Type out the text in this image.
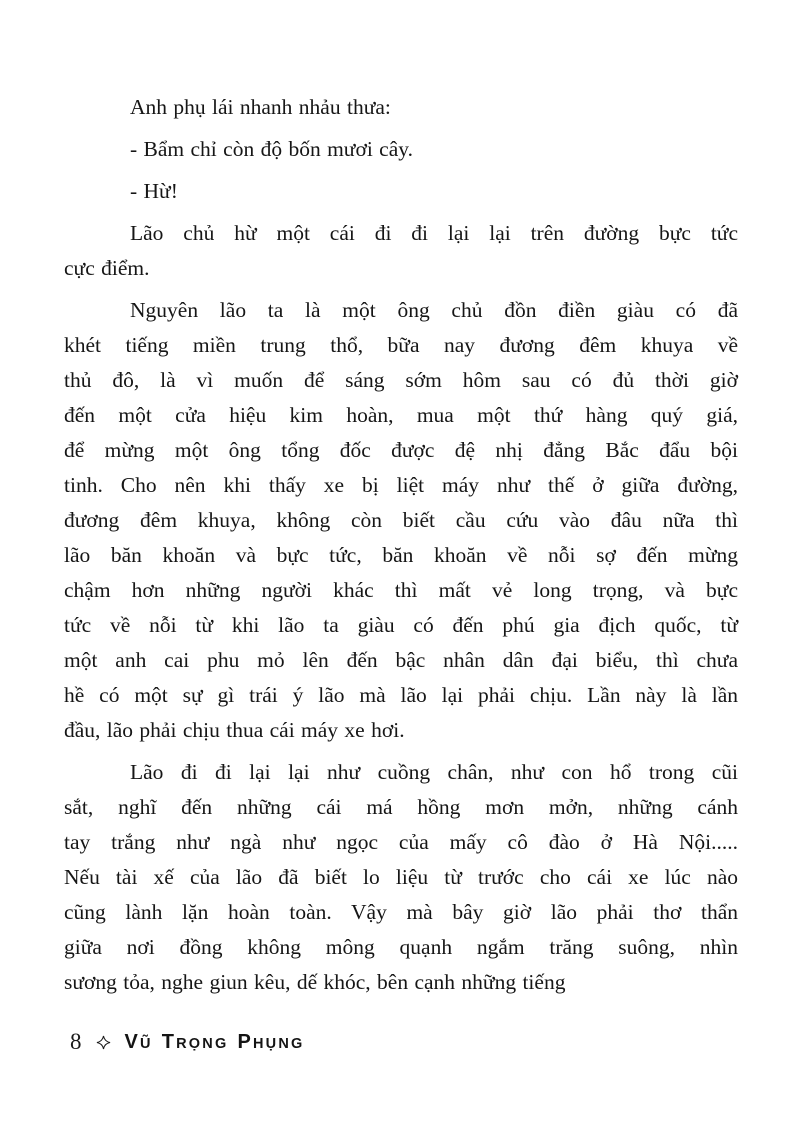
Anh phụ lái nhanh nhảu thưa:
- Bẩm chỉ còn độ bốn mươi cây.
- Hừ!
Lão chủ hừ một cái đi đi lại lại trên đường bực tức
cực điểm.
Nguyên lão ta là một ông chủ đồn điền giàu có đã
khét tiếng miền trung thổ, bữa nay đương đêm khuya về
thủ đô, là vì muốn để sáng sớm hôm sau có đủ thời giờ
đến một cửa hiệu kim hoàn, mua một thứ hàng quý giá,
để mừng một ông tổng đốc được đệ nhị đẳng Bắc đẩu bội
tinh. Cho nên khi thấy xe bị liệt máy như thế ở giữa đường,
đương đêm khuya, không còn biết cầu cứu vào đâu nữa thì
lão băn khoăn và bực tức, băn khoăn về nỗi sợ đến mừng
chậm hơn những người khác thì mất vẻ long trọng, và bực
tức về nỗi từ khi lão ta giàu có đến phú gia địch quốc, từ
một anh cai phu mỏ lên đến bậc nhân dân đại biểu, thì chưa
hề có một sự gì trái ý lão mà lão lại phải chịu. Lần này là lần
đầu, lão phải chịu thua cái máy xe hơi.
Lão đi đi lại lại như cuồng chân, như con hổ trong cũi
sắt, nghĩ đến những cái má hồng mơn mởn, những cánh
tay trắng như ngà như ngọc của mấy cô đào ở Hà Nội.....
Nếu tài xế của lão đã biết lo liệu từ trước cho cái xe lúc nào
cũng lành lặn hoàn toàn. Vậy mà bây giờ lão phải thơ thẩn
giữa nơi đồng không mông quạnh ngắm trăng suông, nhìn
sương tỏa, nghe giun kêu, dế khóc, bên cạnh những tiếng
8 VŨ TRỌNG PHỤNG
